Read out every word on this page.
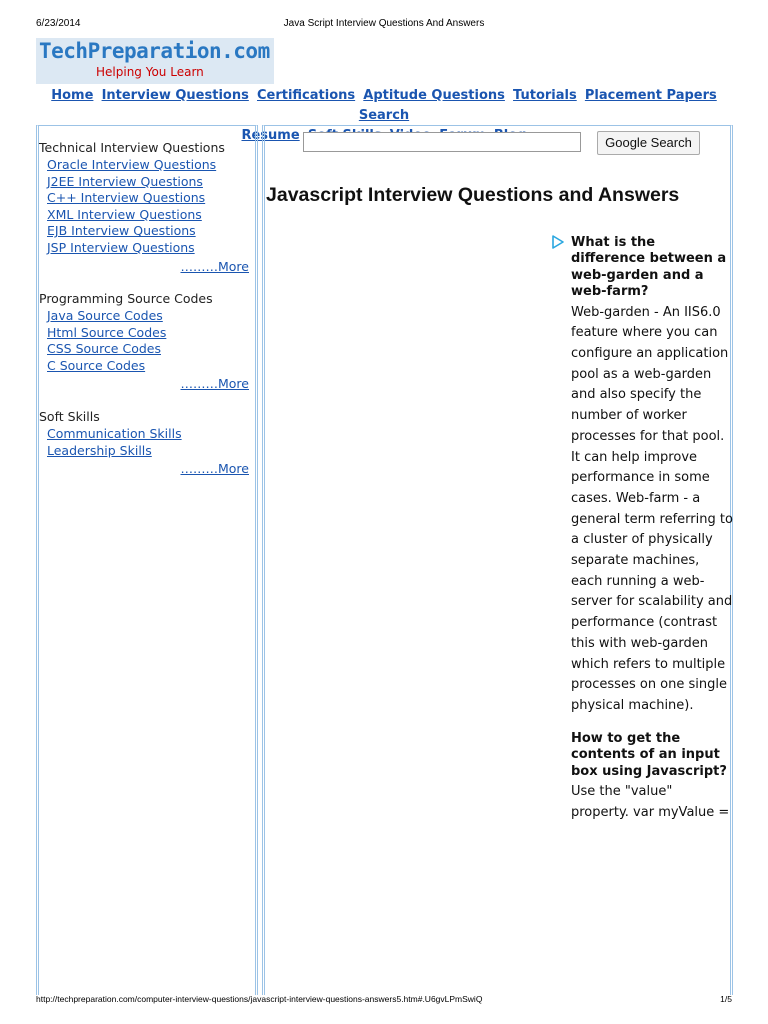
6/23/2014	Java Script Interview Questions And Answers
TechPreparation.com
Helping You Learn
Home Interview Questions Certifications Aptitude Questions Tutorials Placement Papers Search
Resume
Technical Interview Questions
Oracle Interview Questions
J2EE Interview Questions
C++ Interview Questions
XML Interview Questions
EJB Interview Questions
JSP Interview Questions
………More
Programming Source Codes
Java Source Codes
Html Source Codes
CSS Source Codes
C Source Codes
………More
Soft Skills
Communication Skills
Leadership Skills
………More
Google Search
Javascript Interview Questions and Answers
What is the difference between a web-garden and a web-farm?
Web-garden - An IIS6.0 feature where you can configure an application pool as a web-garden and also specify the number of worker processes for that pool. It can help improve performance in some cases. Web-farm - a general term referring to a cluster of physically separate machines, each running a web-server for scalability and performance (contrast this with web-garden which refers to multiple processes on one single physical machine).
How to get the contents of an input box using Javascript?
Use the "value" property. var myValue =
http://techpreparation.com/computer-interview-questions/javascript-interview-questions-answers5.htm#.U6gvLPmSwiQ	1/5
